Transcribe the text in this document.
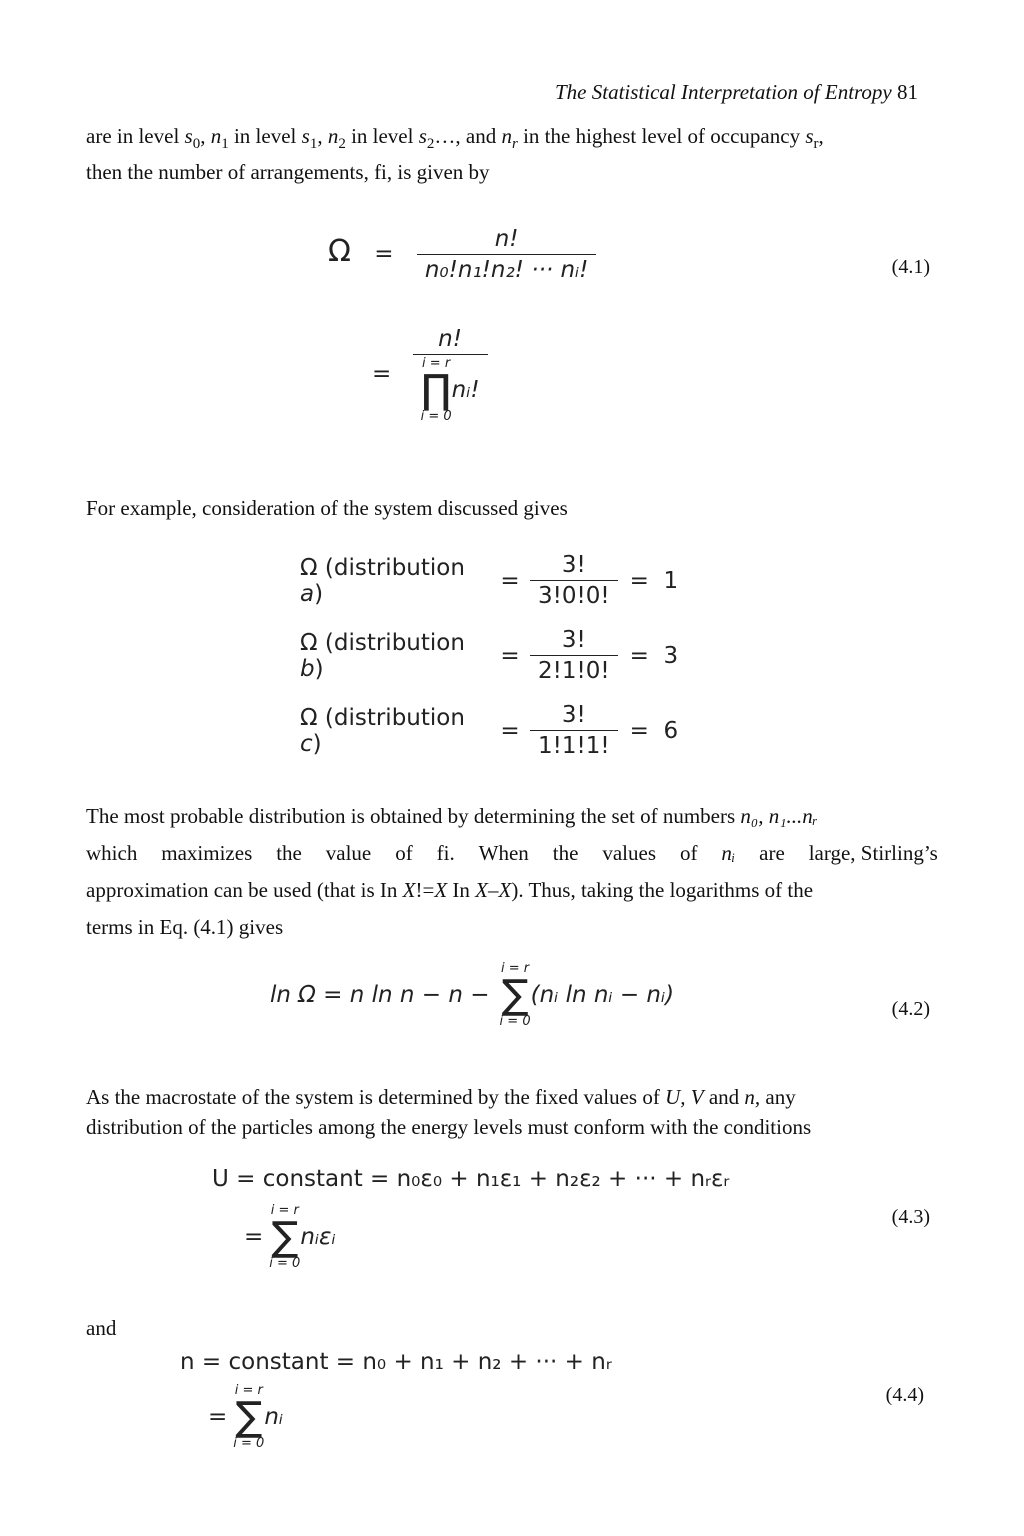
The Statistical Interpretation of Entropy 81
are in level $s_0$, $n_1$ in level $s_1$, $n_2$ in level $s_2\dots$, and $n_r$ in the highest level of occupancy $s_r$,
then the number of arrangements, fi, is given by
$\Omega = \frac{n!}{\text{n₀!n₁!n₂! ··· nᵢ!}}$
= n!
i = r
∏
i = 0
nᵢ!
(4.1)
For example, consideration of the system discussed gives
Ω (distribution a)	= $\frac{3!}{3!0!0!} = 1$
Ω (distribution b)	= $\frac{3!}{2!1!0!} = 3$
Ω (distribution c)	= $\frac{3!}{1!1!1!} = 6$
The most probable distribution is obtained by determining the set of numbers n₀, n₁...nᵣ
which maximizes the value of fi. When the values of nᵢ are large, Stirling’s
approximation can be used (that is In X!=X In X–X). Thus, taking the logarithms of the
terms in Eq. (4.1) gives
ln Ω = n ln n − n −
i = r
∑
i = 0
(nᵢ ln nᵢ − nᵢ)
(4.2)
As the macrostate of the system is determined by the fixed values of U, V and n, any
distribution of the particles among the energy levels must conform with the conditions
U = constant = n₀ε₀ + n₁ε₁ + n₂ε₂ + ··· + nᵣεᵣ
=
i = r
∑
i = 0
nᵢεᵢ
(4.3)
and
n = constant = n₀ + n₁ + n₂ + ··· + nᵣ
=
i = r
∑
i = 0
nᵢ
(4.4)
